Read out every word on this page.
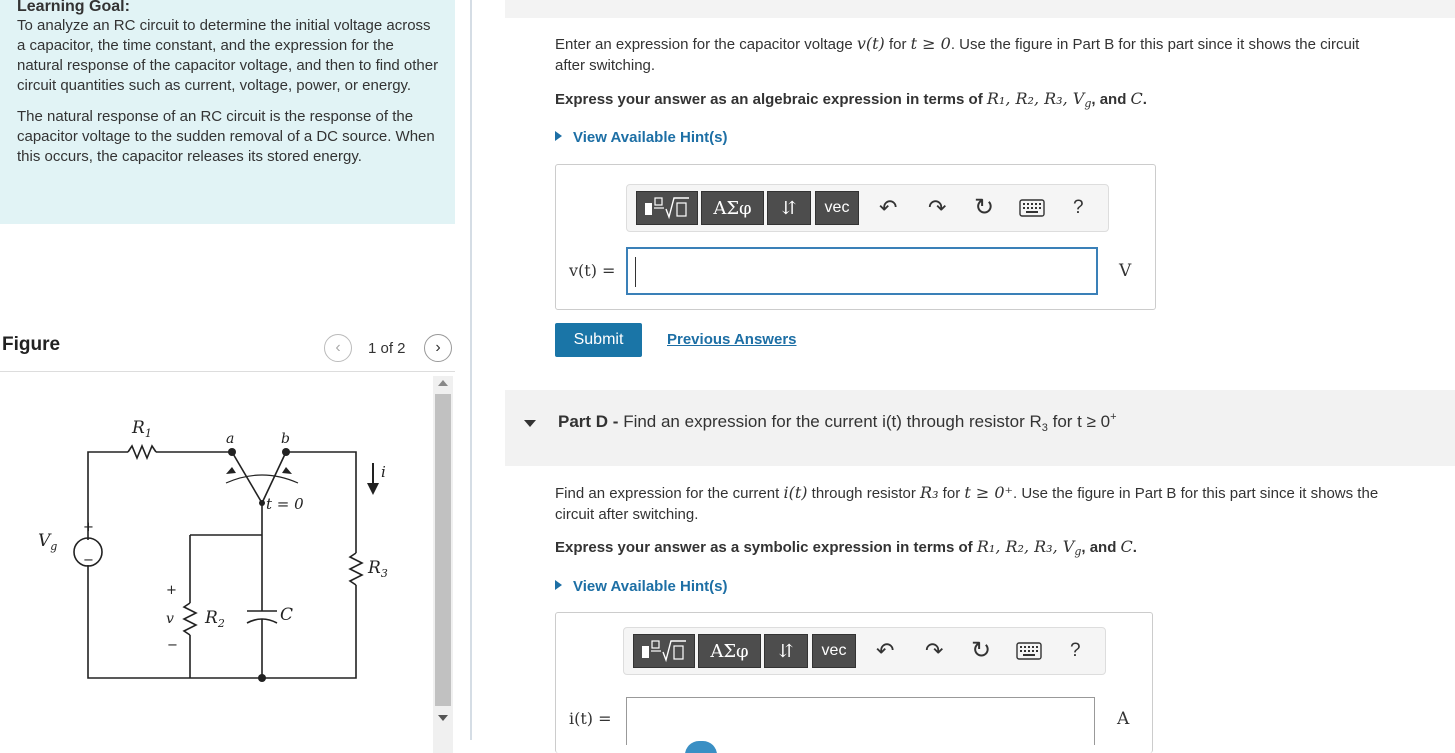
Learning Goal:

To analyze an RC circuit to determine the initial voltage across a capacitor, the time constant, and the expression for the natural response of the capacitor voltage, and then to find other circuit quantities such as current, voltage, power, or energy.

The natural response of an RC circuit is the response of the capacitor voltage to the sudden removal of a DC source. When this occurs, the capacitor releases its stored energy.

Figure	‹ 1 of 2 ›
$R_1$	a	b
t = 0
i
$R_3$
$V_g$
$R_2$	C
v
+
−
+
−
Enter an expression for the capacitor voltage v(t) for t ≥ 0. Use the figure in Part B for this part since it shows the circuit
after switching.
Express your answer as an algebraic expression in terms of R₁, R₂, R₃, $V_g$, and C.
View Available Hint(s)
ΑΣφ	⇵	vec	↶ ↷ ↻	?
v(t) =	V
Submit	Previous Answers
Part D - Find an expression for the current i(t) through resistor $R_3$ for t ≥ 0+
Find an expression for the current i(t) through resistor R₃ for t ≥ 0⁺. Use the figure in Part B for this part since it shows the
circuit after switching.
Express your answer as a symbolic expression in terms of R₁, R₂, R₃, $V_g$, and C.
View Available Hint(s)
ΑΣφ	⇵	vec	↶ ↷ ↻	?
i(t) =	A
